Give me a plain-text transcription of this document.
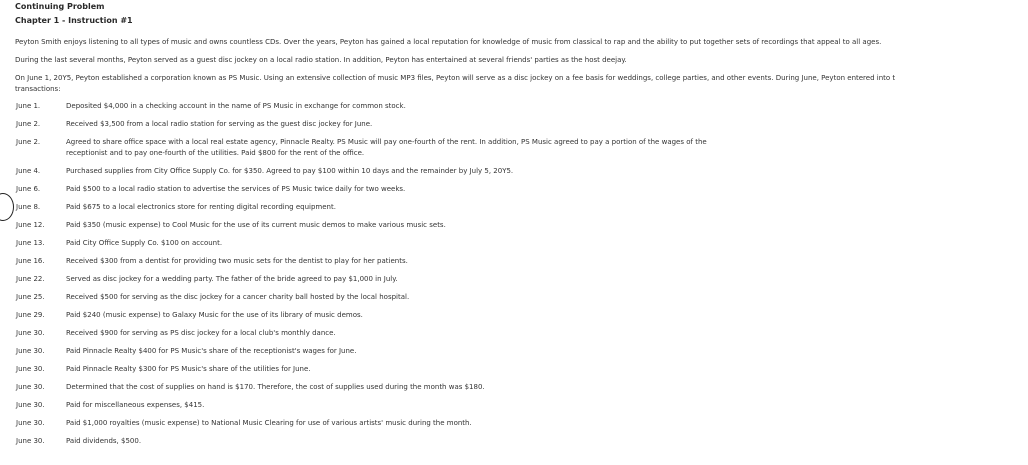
Continuing Problem
Chapter 1 - Instruction #1
Peyton Smith enjoys listening to all types of music and owns countless CDs. Over the years, Peyton has gained a local reputation for knowledge of music from classical to rap and the ability to put together sets of recordings that appeal to all ages.
During the last several months, Peyton served as a guest disc jockey on a local radio station. In addition, Peyton has entertained at several friends' parties as the host deejay.
On June 1, 20Y5, Peyton established a corporation known as PS Music. Using an extensive collection of music MP3 files, Peyton will serve as a disc jockey on a fee basis for weddings, college parties, and other events. During June, Peyton entered into t
transactions:
June 1.	Deposited $4,000 in a checking account in the name of PS Music in exchange for common stock.
June 2.	Received $3,500 from a local radio station for serving as the guest disc jockey for June.
June 2.	Agreed to share office space with a local real estate agency, Pinnacle Realty. PS Music will pay one-fourth of the rent. In addition, PS Music agreed to pay a portion of the wages of the
receptionist and to pay one-fourth of the utilities. Paid $800 for the rent of the office.
June 4.	Purchased supplies from City Office Supply Co. for $350. Agreed to pay $100 within 10 days and the remainder by July 5, 20Y5.
June 6.	Paid $500 to a local radio station to advertise the services of PS Music twice daily for two weeks.
June 8.	Paid $675 to a local electronics store for renting digital recording equipment.
June 12.	Paid $350 (music expense) to Cool Music for the use of its current music demos to make various music sets.
June 13.	Paid City Office Supply Co. $100 on account.
June 16.	Received $300 from a dentist for providing two music sets for the dentist to play for her patients.
June 22.	Served as disc jockey for a wedding party. The father of the bride agreed to pay $1,000 in July.
June 25.	Received $500 for serving as the disc jockey for a cancer charity ball hosted by the local hospital.
June 29.	Paid $240 (music expense) to Galaxy Music for the use of its library of music demos.
June 30.	Received $900 for serving as PS disc jockey for a local club's monthly dance.
June 30.	Paid Pinnacle Realty $400 for PS Music's share of the receptionist's wages for June.
June 30.	Paid Pinnacle Realty $300 for PS Music's share of the utilities for June.
June 30.	Determined that the cost of supplies on hand is $170. Therefore, the cost of supplies used during the month was $180.
June 30.	Paid for miscellaneous expenses, $415.
June 30.	Paid $1,000 royalties (music expense) to National Music Clearing for use of various artists' music during the month.
June 30.	Paid dividends, $500.
